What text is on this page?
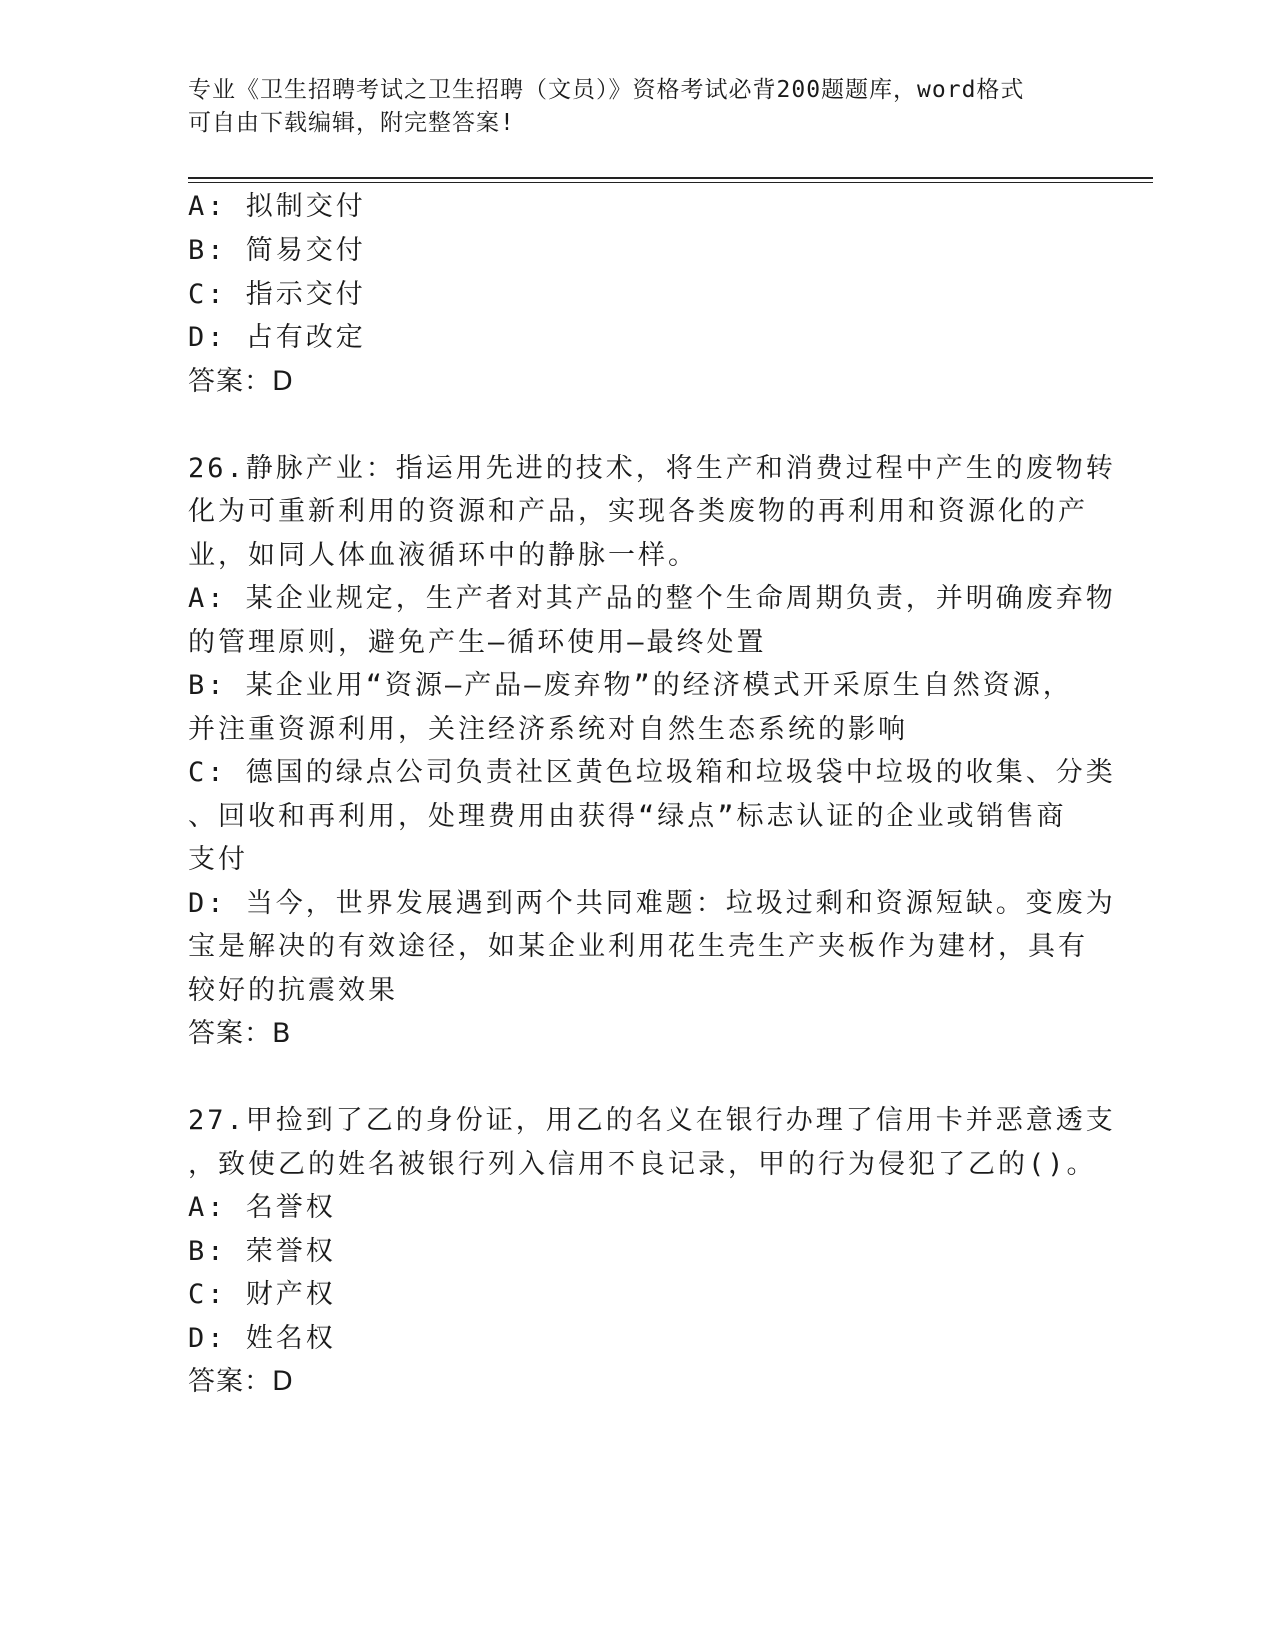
专业《卫生招聘考试之卫生招聘（文员）》资格考试必背200题题库，word格式
可自由下载编辑，附完整答案!
A: 拟制交付
B: 简易交付
C: 指示交付
D: 占有改定
答案：D
26.静脉产业：指运用先进的技术，将生产和消费过程中产生的废物转
化为可重新利用的资源和产品，实现各类废物的再利用和资源化的产
业，如同人体血液循环中的静脉一样。
A: 某企业规定，生产者对其产品的整个生命周期负责，并明确废弃物
的管理原则，避免产生—循环使用—最终处置
B: 某企业用“资源—产品—废弃物”的经济模式开采原生自然资源，
并注重资源利用，关注经济系统对自然生态系统的影响
C: 德国的绿点公司负责社区黄色垃圾箱和垃圾袋中垃圾的收集、分类
、回收和再利用，处理费用由获得“绿点”标志认证的企业或销售商
支付
D: 当今，世界发展遇到两个共同难题：垃圾过剩和资源短缺。变废为
宝是解决的有效途径，如某企业利用花生壳生产夹板作为建材，具有
较好的抗震效果
答案：B
27.甲捡到了乙的身份证，用乙的名义在银行办理了信用卡并恶意透支
，致使乙的姓名被银行列入信用不良记录，甲的行为侵犯了乙的()。
A: 名誉权
B: 荣誉权
C: 财产权
D: 姓名权
答案：D
